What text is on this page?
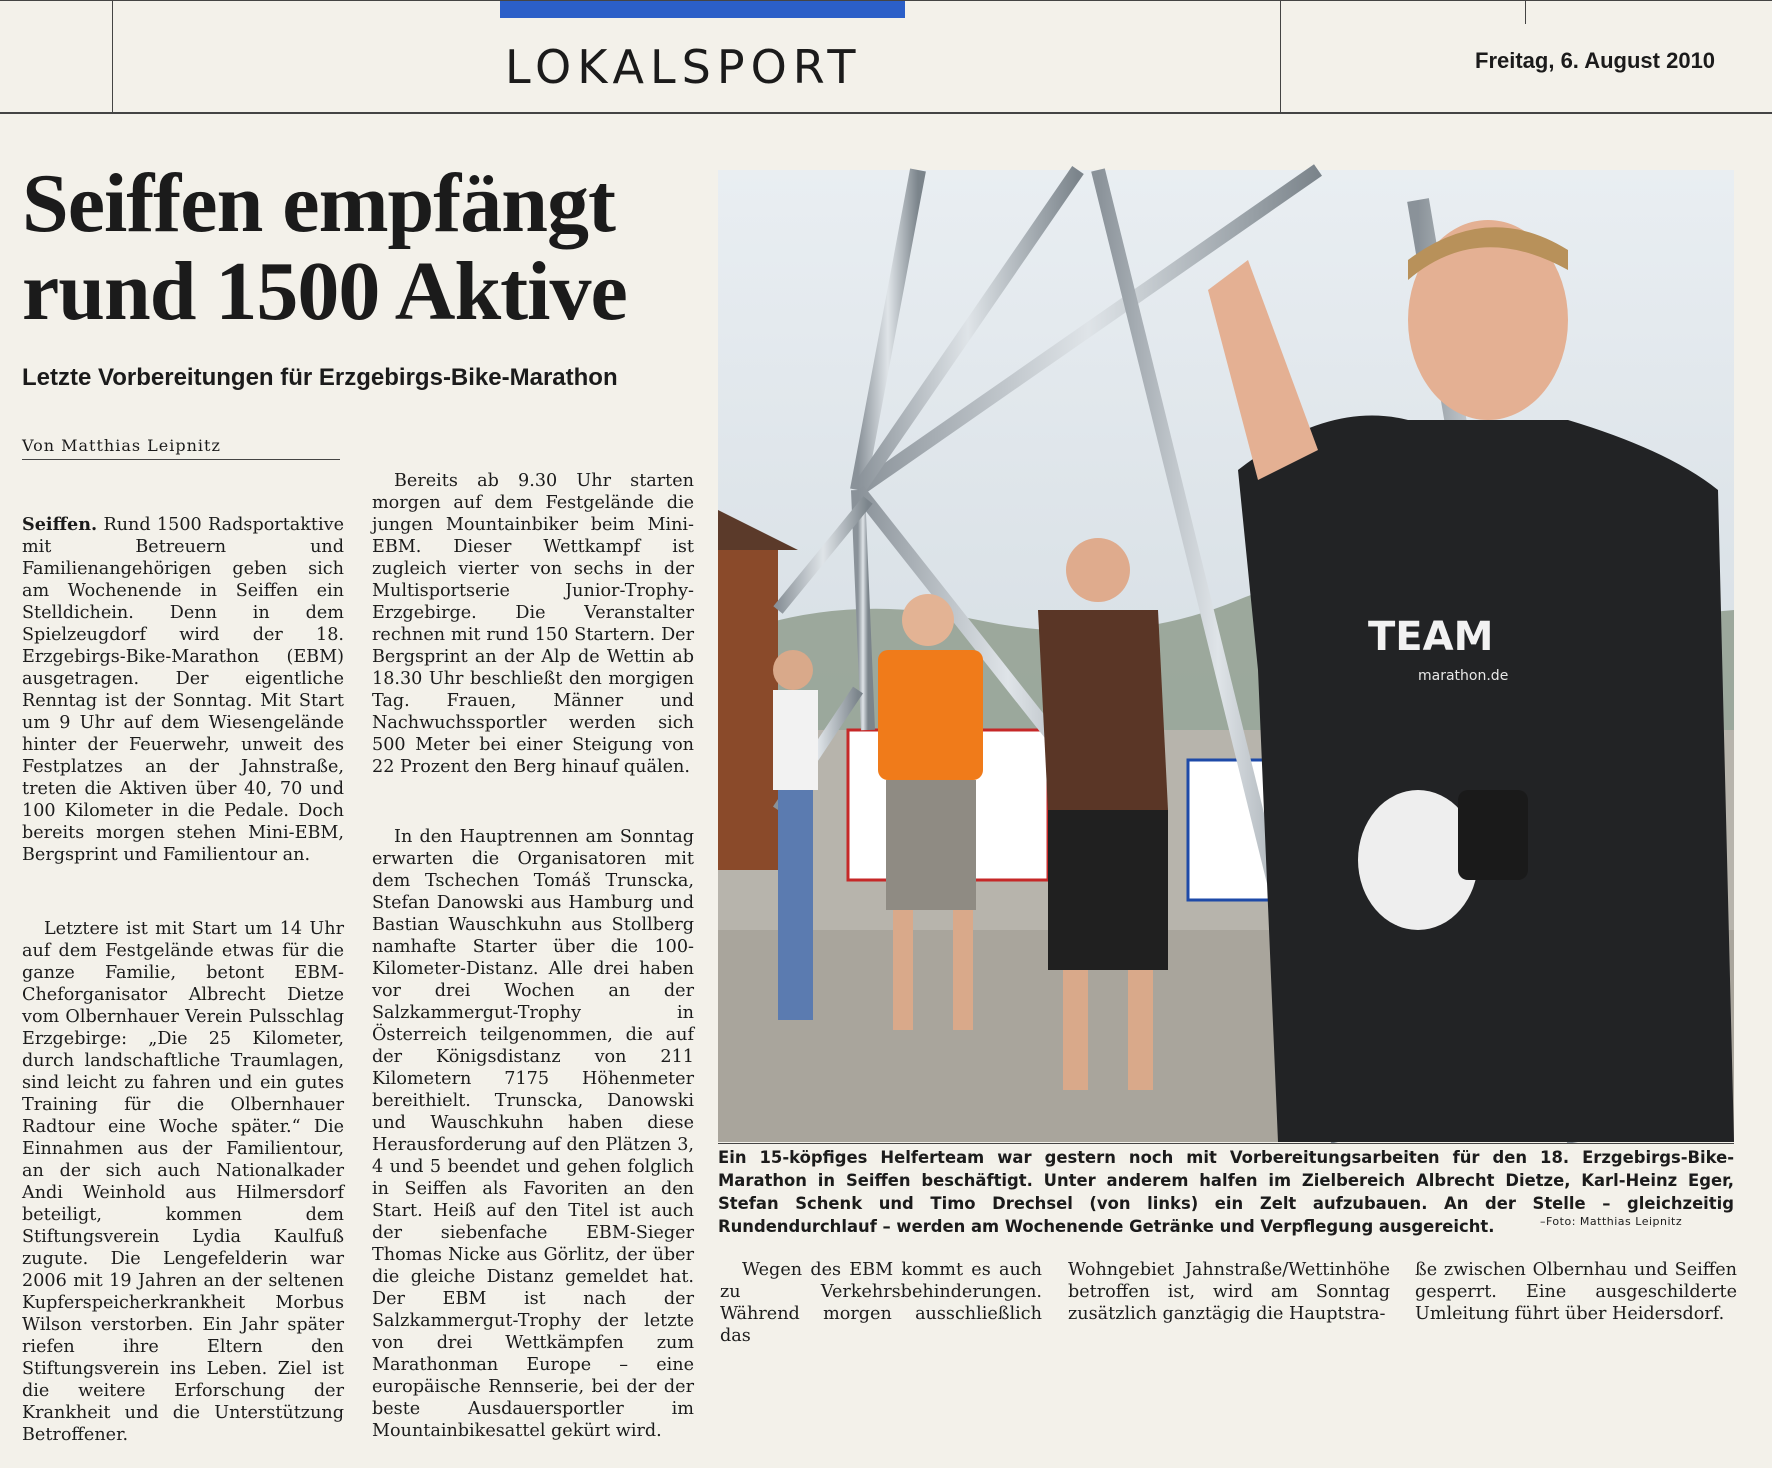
LOKALSPORT	Freitag, 6. August 2010
Seiffen empfängt
rund 1500 Aktive
Letzte Vorbereitungen für Erzgebirgs-Bike-Marathon
Von Matthias Leipnitz

Seiffen. Rund 1500 Radsportaktive mit Betreuern und Familienangehörigen geben sich am Wochenende in Seiffen ein Stelldichein. Denn in dem Spielzeugdorf wird der 18. Erzgebirgs-Bike-Marathon (EBM) ausgetragen. Der eigentliche Renntag ist der Sonntag. Mit Start um 9 Uhr auf dem Wiesengelände hinter der Feuerwehr, unweit des Festplatzes an der Jahnstraße, treten die Aktiven über 40, 70 und 100 Kilometer in die Pedale. Doch bereits morgen stehen Mini-EBM, Bergsprint und Familientour an.

Letztere ist mit Start um 14 Uhr auf dem Festgelände etwas für die ganze Familie, betont EBM-Cheforganisator Albrecht Dietze vom Olbernhauer Verein Pulsschlag Erzgebirge: „Die 25 Kilometer, durch landschaftliche Traumlagen, sind leicht zu fahren und ein gutes Training für die Olbernhauer Radtour eine Woche später.“ Die Einnahmen aus der Familientour, an der sich auch Nationalkader Andi Weinhold aus Hilmersdorf beteiligt, kommen dem Stiftungsverein Lydia Kaulfuß zugute. Die Lengefelderin war 2006 mit 19 Jahren an der seltenen Kupferspeicherkrankheit Morbus Wilson verstorben. Ein Jahr später riefen ihre Eltern den Stiftungsverein ins Leben. Ziel ist die weitere Erforschung der Krankheit und die Unterstützung Betroffener.

Bereits ab 9.30 Uhr starten morgen auf dem Festgelände die jungen Mountainbiker beim Mini-EBM. Dieser Wettkampf ist zugleich vierter von sechs in der Multisportserie Junior-Trophy-Erzgebirge. Die Veranstalter rechnen mit rund 150 Startern. Der Bergsprint an der Alp de Wettin ab 18.30 Uhr beschließt den morgigen Tag. Frauen, Männer und Nachwuchssportler werden sich 500 Meter bei einer Steigung von 22 Prozent den Berg hinauf quälen.

In den Hauptrennen am Sonntag erwarten die Organisatoren mit dem Tschechen Tomáš Trunscka, Stefan Danowski aus Hamburg und Bastian Wauschkuhn aus Stollberg namhafte Starter über die 100-Kilometer-Distanz. Alle drei haben vor drei Wochen an der Salzkammergut-Trophy in Österreich teilgenommen, die auf der Königsdistanz von 211 Kilometern 7175 Höhenmeter bereithielt. Trunscka, Danowski und Wauschkuhn haben diese Herausforderung auf den Plätzen 3, 4 und 5 beendet und gehen folglich in Seiffen als Favoriten an den Start. Heiß auf den Titel ist auch der siebenfache EBM-Sieger Thomas Nicke aus Görlitz, der über die gleiche Distanz gemeldet hat. Der EBM ist nach der Salzkammergut-Trophy der letzte von drei Wettkämpfen zum Marathonman Europe – eine europäische Rennserie, bei der der beste Ausdauersportler im Mountainbikesattel gekürt wird.

TEAM
marathon.de
Ein 15-köpfiges Helferteam war gestern noch mit Vorbereitungsarbeiten für den 18. Erzgebirgs-Bike-Marathon in Seiffen beschäftigt. Unter anderem halfen im Zielbereich Albrecht Dietze, Karl-Heinz Eger, Stefan Schenk und Timo Drechsel (von links) ein Zelt aufzubauen. An der Stelle – gleichzeitig Rundendurchlauf – werden am Wochenende Getränke und Verpflegung ausgereicht.	–Foto: Matthias Leipnitz
Wegen des EBM kommt es auch zu Verkehrsbehinderungen. Während morgen ausschließlich das
Wohngebiet Jahnstraße/Wettinhöhe betroffen ist, wird am Sonntag zusätzlich ganztägig die Hauptstra-
ße zwischen Olbernhau und Seiffen gesperrt. Eine ausgeschilderte Umleitung führt über Heidersdorf.
